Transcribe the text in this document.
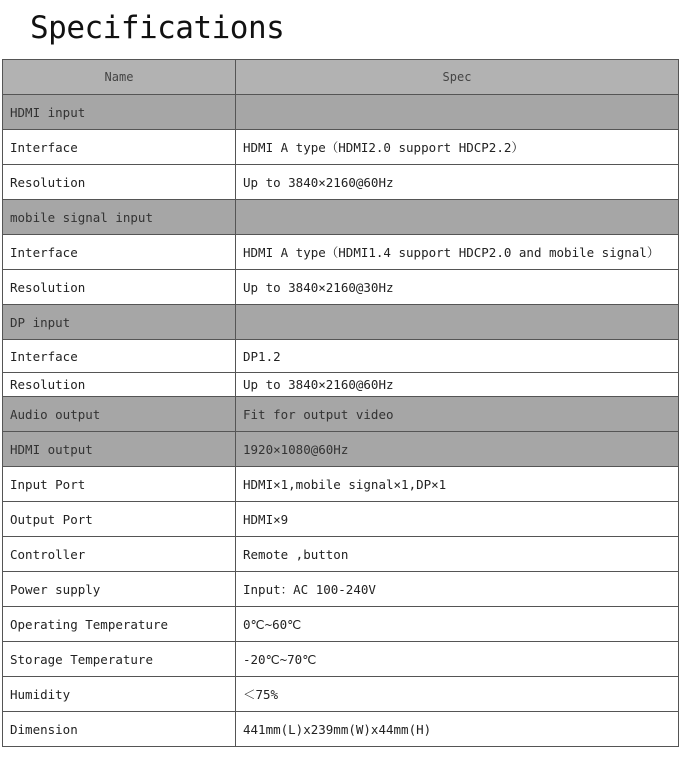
Specifications
Name	Spec
HDMI input	
Interface	HDMI A type（HDMI2.0 support HDCP2.2）
Resolution	Up to 3840×2160@60Hz
mobile signal input	
Interface	HDMI A type（HDMI1.4 support HDCP2.0 and mobile signal）
Resolution	Up to 3840×2160@30Hz
DP input	
Interface	DP1.2
Resolution	Up to 3840×2160@60Hz
Audio output	Fit for output video
HDMI output	1920×1080@60Hz
Input Port	HDMI×1,mobile signal×1,DP×1
Output Port	HDMI×9
Controller	Remote ,button
Power supply	Input：AC 100-240V
Operating Temperature	0℃~60℃
Storage Temperature	-20℃~70℃
Humidity	＜75%
Dimension	441mm(L)x239mm(W)x44mm(H)
